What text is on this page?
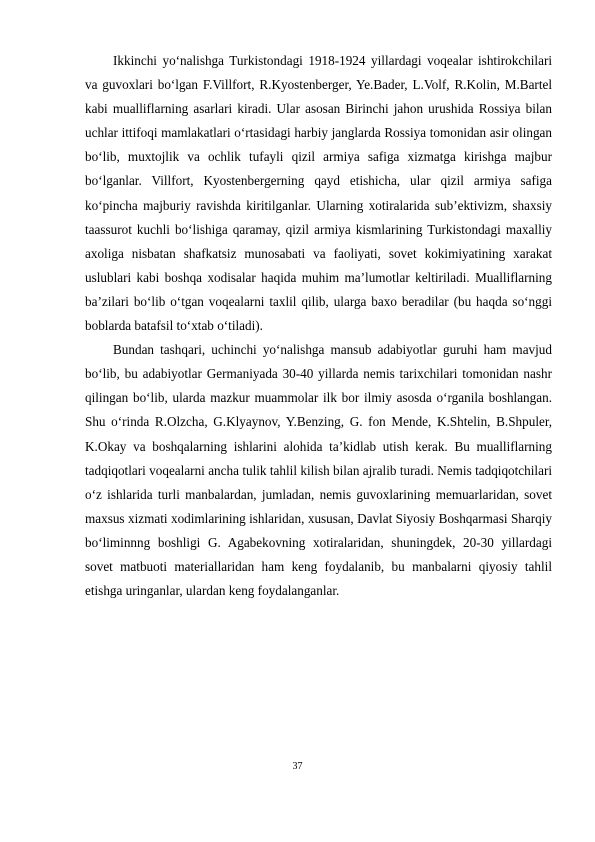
Ikkinchi yo‘nalishga Turkistondagi 1918-1924 yillardagi voqealar ishtirokchilari va guvoxlari bo‘lgan F.Villfort, R.Kyostenberger, Ye.Bader, L.Volf, R.Kolin, M.Bartel kabi mualliflarning asarlari kiradi. Ular asosan Birinchi jahon urushida Rossiya bilan uchlar ittifoqi mamlakatlari o‘rtasidagi harbiy janglarda Rossiya tomonidan asir olingan bo‘lib, muxtojlik va ochlik tufayli qizil armiya safiga xizmatga kirishga majbur bo‘lganlar. Villfort, Kyostenbergerning qayd etishicha, ular qizil armiya safiga ko‘pincha majburiy ravishda kiritilganlar. Ularning xotiralarida sub’ektivizm, shaxsiy taassurot kuchli bo‘lishiga qaramay, qizil armiya kismlarining Turkistondagi maxalliy axoliga nisbatan shafkatsiz munosabati va faoliyati, sovet kokimiyatining xarakat uslublari kabi boshqa xodisalar haqida muhim ma’lumotlar keltiriladi. Mualliflarning ba’zilari bo‘lib o‘tgan voqealarni taxlil qilib, ularga baxo beradilar (bu haqda so‘nggi boblarda batafsil to‘xtab o‘tiladi).

Bundan tashqari, uchinchi yo‘nalishga mansub adabiyotlar guruhi ham mavjud bo‘lib, bu adabiyotlar Germaniyada 30-40 yillarda nemis tarixchilari tomonidan nashr qilingan bo‘lib, ularda mazkur muammolar ilk bor ilmiy asosda o‘rganila boshlangan. Shu o‘rinda R.Olzcha, G.Klyaynov, Y.Benzing, G. fon Mende, K.Shtelin, B.Shpuler, K.Okay va boshqalarning ishlarini alohida ta’kidlab utish kerak. Bu mualliflarning tadqiqotlari voqealarni ancha tulik tahlil kilish bilan ajralib turadi. Nemis tadqiqotchilari o‘z ishlarida turli manbalardan, jumladan, nemis guvoxlarining memuarlaridan, sovet maxsus xizmati xodimlarining ishlaridan, xususan, Davlat Siyosiy Boshqarmasi Sharqiy bo‘liminnng boshligi G. Agabekovning xotiralaridan, shuningdek, 20-30 yillardagi sovet matbuoti materiallaridan ham keng foydalanib, bu manbalarni qiyosiy tahlil etishga uringanlar, ulardan keng foydalanganlar.

37
